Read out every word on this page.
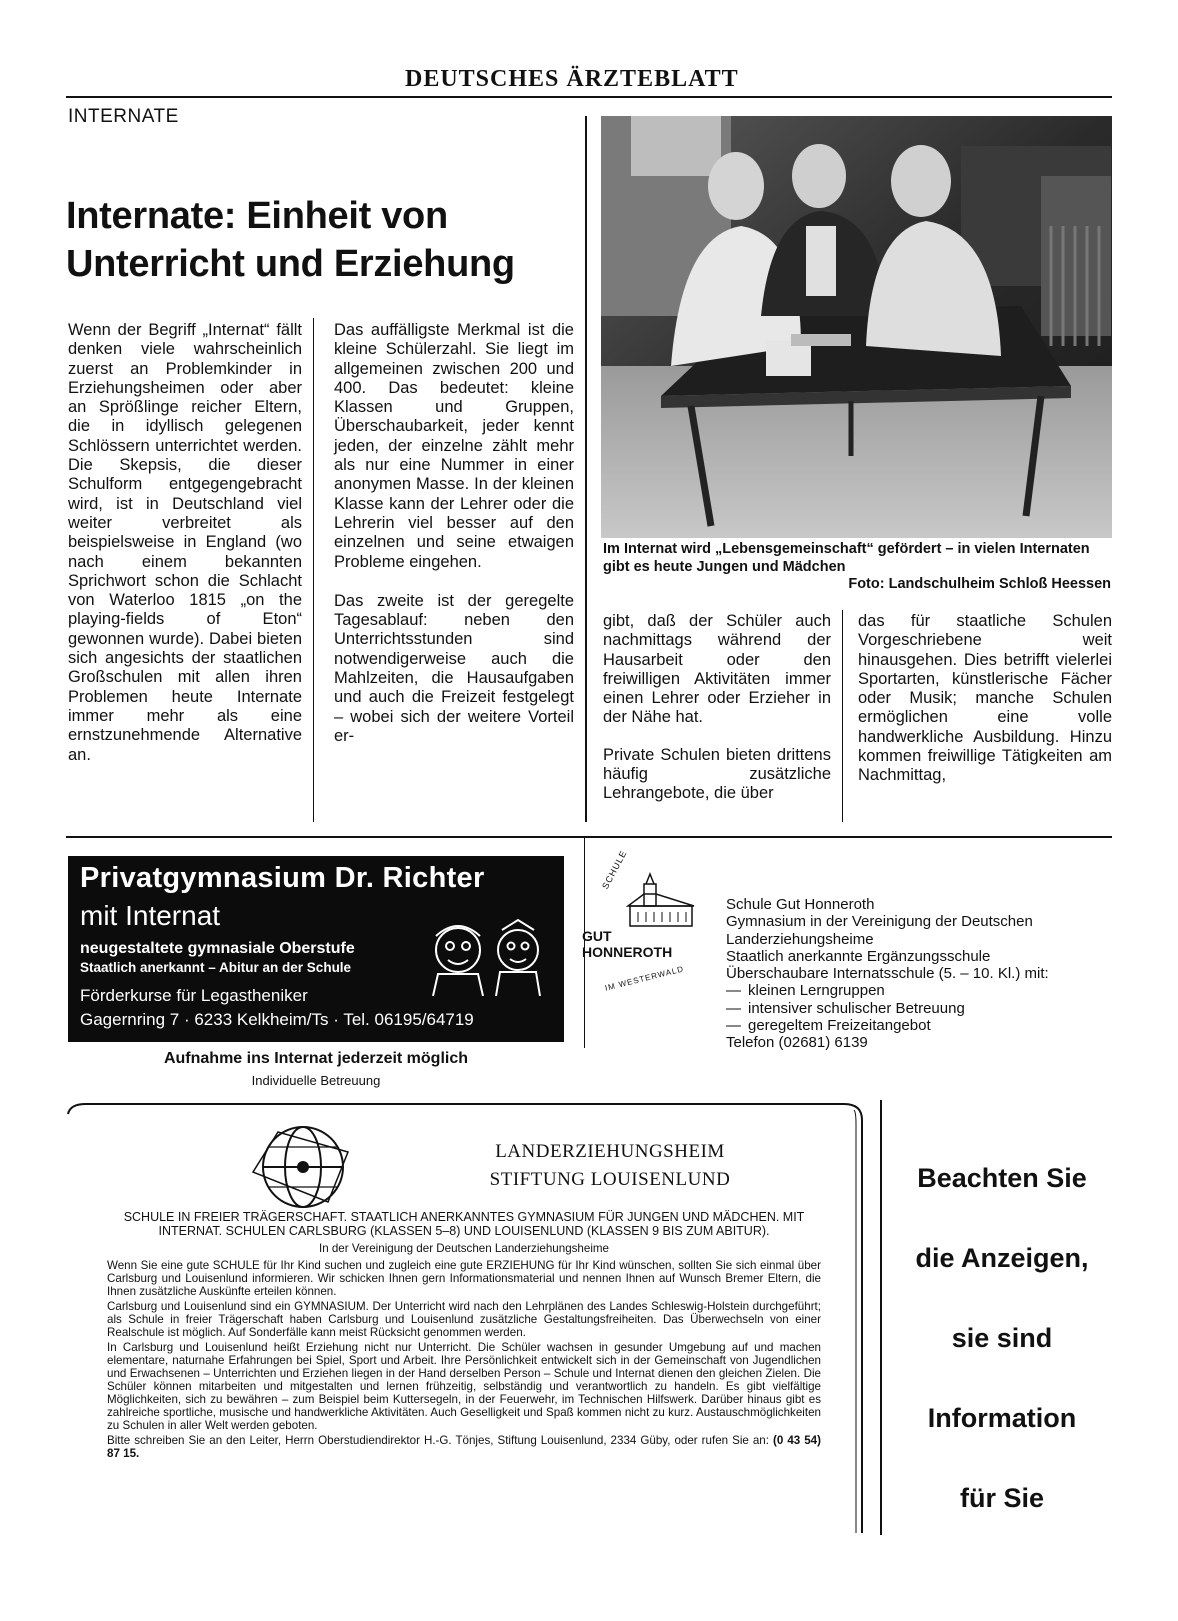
DEUTSCHES ÄRZTEBLATT
INTERNATE
Internate: Einheit von
Unterricht und Erziehung

Wenn der Begriff „Internat“ fällt denken viele wahrscheinlich zuerst an Problemkinder in Erziehungsheimen oder aber an Sprößlinge reicher Eltern, die in idyllisch gelegenen Schlössern unterrichtet werden. Die Skepsis, die dieser Schulform entgegengebracht wird, ist in Deutschland viel weiter verbreitet als beispielsweise in England (wo nach einem bekannten Sprichwort schon die Schlacht von Waterloo 1815 „on the playing-fields of Eton“ gewonnen wurde). Dabei bieten sich angesichts der staatlichen Großschulen mit allen ihren Problemen heute Internate immer mehr als eine ernstzunehmende Alternative an.

Das auffälligste Merkmal ist die kleine Schülerzahl. Sie liegt im allgemeinen zwischen 200 und 400. Das bedeutet: kleine Klassen und Gruppen, Überschaubarkeit, jeder kennt jeden, der einzelne zählt mehr als nur eine Nummer in einer anonymen Masse. In der kleinen Klasse kann der Lehrer oder die Lehrerin viel besser auf den einzelnen und seine etwaigen Probleme eingehen.

Das zweite ist der geregelte Tagesablauf: neben den Unterrichtsstunden sind notwendigerweise auch die Mahlzeiten, die Hausaufgaben und auch die Freizeit festgelegt – wobei sich der weitere Vorteil er-

gibt, daß der Schüler auch nachmittags während der Hausarbeit oder den freiwilligen Aktivitäten immer einen Lehrer oder Erzieher in der Nähe hat.

Private Schulen bieten drittens häufig zusätzliche Lehrangebote, die über

das für staatliche Schulen Vorgeschriebene weit hinausgehen. Dies betrifft vielerlei Sportarten, künstlerische Fächer oder Musik; manche Schulen ermöglichen eine volle handwerkliche Ausbildung. Hinzu kommen freiwillige Tätigkeiten am Nachmittag,

Im Internat wird „Lebensgemeinschaft“ gefördert – in vielen Internaten gibt es heute Jungen und Mädchen
Foto: Landschulheim Schloß Heessen
Privatgymnasium Dr. Richter
mit Internat
neugestaltete gymnasiale Oberstufe
Staatlich anerkannt – Abitur an der Schule
Förderkurse für Legastheniker
Gagernring 7 · 6233 Kelkheim/Ts · Tel. 06195/64719
Aufnahme ins Internat jederzeit möglich
Individuelle Betreuung
SCHULE
GUT
HONNEROTH
IM WESTERWALD
Schule Gut Honneroth
Gymnasium in der Vereinigung der Deutschen
Landerziehungsheime
Staatlich anerkannte Ergänzungsschule
Überschaubare Internatsschule (5. – 10. Kl.) mit:
— kleinen Lerngruppen
— intensiver schulischer Betreuung
— geregeltem Freizeitangebot
Telefon (02681) 6139
LANDERZIEHUNGSHEIM
STIFTUNG LOUISENLUND

SCHULE IN FREIER TRÄGERSCHAFT. STAATLICH ANERKANNTES GYMNASIUM FÜR JUNGEN UND MÄDCHEN. MIT INTERNAT. SCHULEN CARLSBURG (KLASSEN 5–8) UND LOUISENLUND (KLASSEN 9 BIS ZUM ABITUR).

In der Vereinigung der Deutschen Landerziehungsheime

Wenn Sie eine gute SCHULE für Ihr Kind suchen und zugleich eine gute ERZIEHUNG für Ihr Kind wünschen, sollten Sie sich einmal über Carlsburg und Louisenlund informieren. Wir schicken Ihnen gern Informationsmaterial und nennen Ihnen auf Wunsch Bremer Eltern, die Ihnen zusätzliche Auskünfte erteilen können.

Carlsburg und Louisenlund sind ein GYMNASIUM. Der Unterricht wird nach den Lehrplänen des Landes Schleswig-Holstein durchgeführt; als Schule in freier Trägerschaft haben Carlsburg und Louisenlund zusätzliche Gestaltungsfreiheiten. Das Überwechseln von einer Realschule ist möglich. Auf Sonderfälle kann meist Rücksicht genommen werden.

In Carlsburg und Louisenlund heißt Erziehung nicht nur Unterricht. Die Schüler wachsen in gesunder Umgebung auf und machen elementare, naturnahe Erfahrungen bei Spiel, Sport und Arbeit. Ihre Persönlichkeit entwickelt sich in der Gemeinschaft von Jugendlichen und Erwachsenen – Unterrichten und Erziehen liegen in der Hand derselben Person – Schule und Internat dienen den gleichen Zielen. Die Schüler können mitarbeiten und mitgestalten und lernen frühzeitig, selbständig und verantwortlich zu handeln. Es gibt vielfältige Möglichkeiten, sich zu bewähren – zum Beispiel beim Kuttersegeln, in der Feuerwehr, im Technischen Hilfswerk. Darüber hinaus gibt es zahlreiche sportliche, musische und handwerkliche Aktivitäten. Auch Geselligkeit und Spaß kommen nicht zu kurz. Austauschmöglichkeiten zu Schulen in aller Welt werden geboten.

Bitte schreiben Sie an den Leiter, Herrn Oberstudiendirektor H.-G. Tönjes, Stiftung Louisenlund, 2334 Güby, oder rufen Sie an: (0 43 54) 87 15.

Beachten Sie
die Anzeigen,
sie sind
Information
für Sie
